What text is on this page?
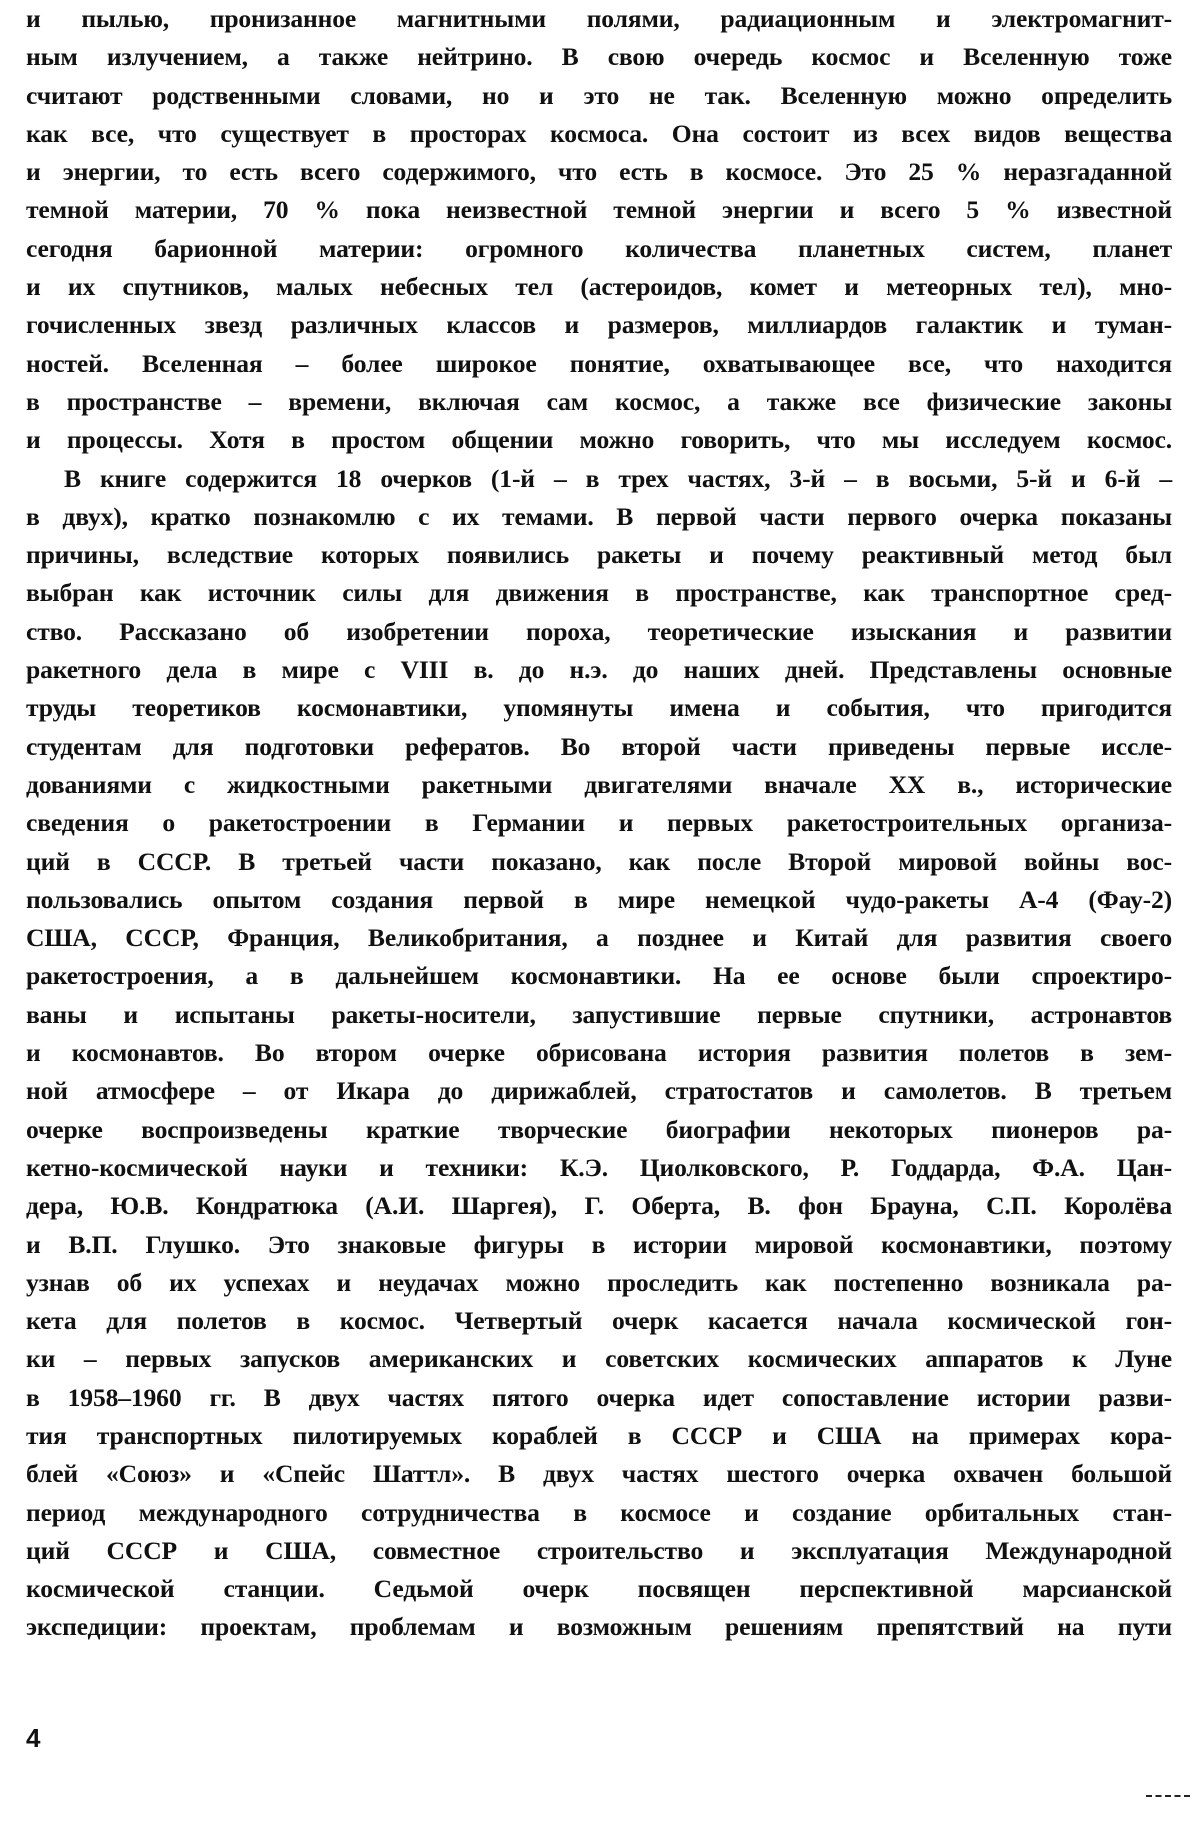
и пылью, пронизанное магнитными полями, радиационным и электромагнит-
ным излучением, а также нейтрино. В свою очередь космос и Вселенную тоже
считают родственными словами, но и это не так. Вселенную можно определить
как все, что существует в просторах космоса. Она состоит из всех видов вещества
и энергии, то есть всего содержимого, что есть в космосе. Это 25 % неразгаданной
темной материи, 70 % пока неизвестной темной энергии и всего 5 % известной
сегодня барионной материи: огромного количества планетных систем, планет
и их спутников, малых небесных тел (астероидов, комет и метеорных тел), мно-
гочисленных звезд различных классов и размеров, миллиардов галактик и туман-
ностей. Вселенная – более широкое понятие, охватывающее все, что находится
в пространстве – времени, включая сам космос, а также все физические законы
и процессы. Хотя в простом общении можно говорить, что мы исследуем космос.
В книге содержится 18 очерков (1-й – в трех частях, 3-й – в восьми, 5-й и 6-й –
в двух), кратко познакомлю с их темами. В первой части первого очерка показаны
причины, вследствие которых появились ракеты и почему реактивный метод был
выбран как источник силы для движения в пространстве, как транспортное сред-
ство. Рассказано об изобретении пороха, теоретические изыскания и развитии
ракетного дела в мире с VIII в. до н.э. до наших дней. Представлены основные
труды теоретиков космонавтики, упомянуты имена и события, что пригодится
студентам для подготовки рефератов. Во второй части приведены первые иссле-
дованиями с жидкостными ракетными двигателями вначале XX в., исторические
сведения о ракетостроении в Германии и первых ракетостроительных организа-
ций в СССР. В третьей части показано, как после Второй мировой войны вос-
пользовались опытом создания первой в мире немецкой чудо-ракеты А-4 (Фау-2)
США, СССР, Франция, Великобритания, а позднее и Китай для развития своего
ракетостроения, а в дальнейшем космонавтики. На ее основе были спроектиро-
ваны и испытаны ракеты-носители, запустившие первые спутники, астронавтов
и космонавтов. Во втором очерке обрисована история развития полетов в зем-
ной атмосфере – от Икара до дирижаблей, стратостатов и самолетов. В третьем
очерке воспроизведены краткие творческие биографии некоторых пионеров ра-
кетно-космической науки и техники: К.Э. Циолковского, Р. Годдарда, Ф.А. Цан-
дера, Ю.В. Кондратюка (А.И. Шаргея), Г. Оберта, В. фон Брауна, С.П. Королёва
и В.П. Глушко. Это знаковые фигуры в истории мировой космонавтики, поэтому
узнав об их успехах и неудачах можно проследить как постепенно возникала ра-
кета для полетов в космос. Четвертый очерк касается начала космической гон-
ки – первых запусков американских и советских космических аппаратов к Луне
в 1958–1960 гг. В двух частях пятого очерка идет сопоставление истории разви-
тия транспортных пилотируемых кораблей в СССР и США на примерах кора-
блей «Союз» и «Спейс Шаттл». В двух частях шестого очерка охвачен большой
период международного сотрудничества в космосе и создание орбитальных стан-
ций СССР и США, совместное строительство и эксплуатация Международной
космической станции. Седьмой очерк посвящен перспективной марсианской
экспедиции: проектам, проблемам и возможным решениям препятствий на пути
4
